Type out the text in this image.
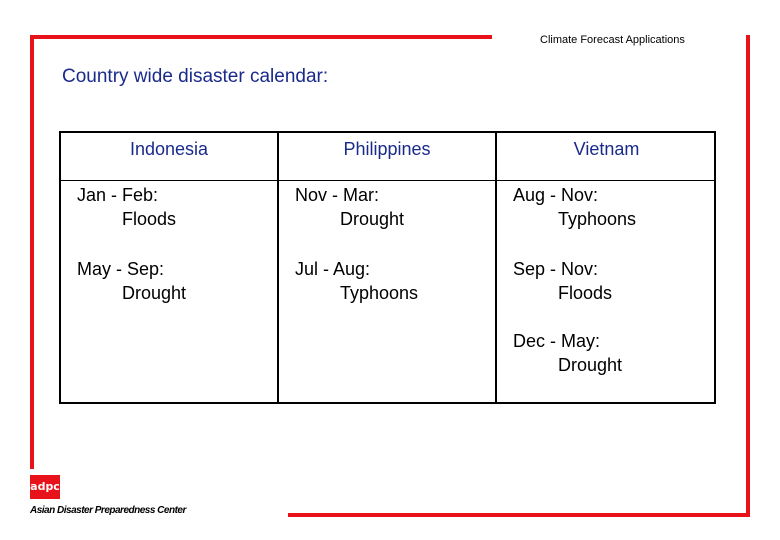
Climate Forecast Applications
Country wide disaster calendar:
Indonesia
Jan - Feb:
Floods
May - Sep:
Drought
Philippines
Nov - Mar:
Drought
Jul - Aug:
Typhoons
Vietnam
Aug - Nov:
Typhoons
Sep - Nov:
Floods
Dec - May:
Drought
adpc
Asian Disaster Preparedness Center
